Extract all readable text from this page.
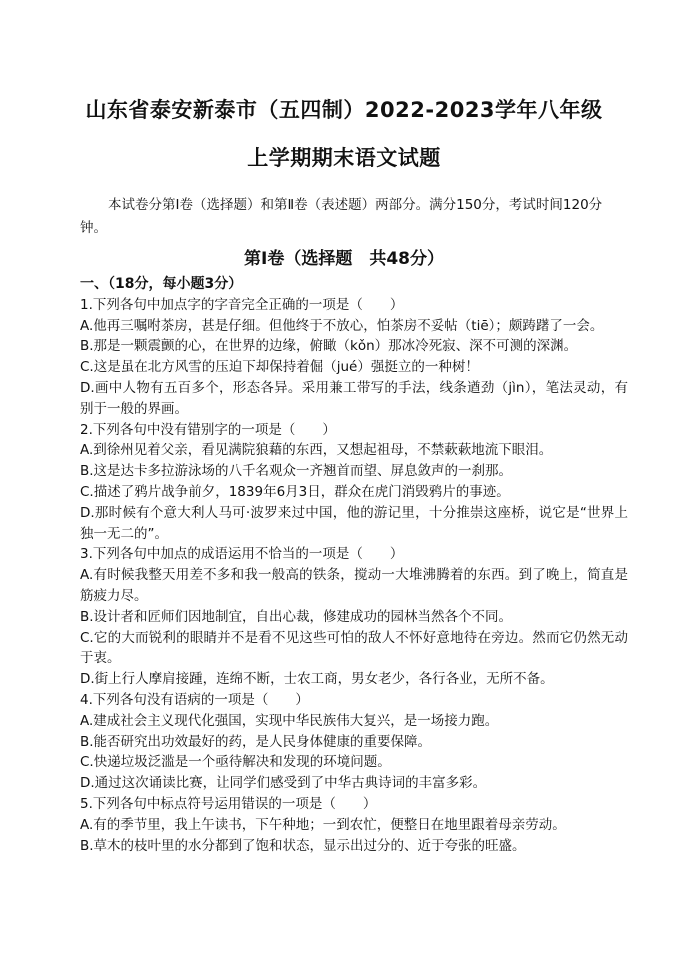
山东省泰安新泰市（五四制）2022-2023学年八年级
上学期期末语文试题
本试卷分第Ⅰ卷（选择题）和第Ⅱ卷（表述题）两部分。满分150分，考试时间120分钟。
第Ⅰ卷（选择题　共48分）
一、（18分，每小题3分）

1.下列各句中加点字的字音完全正确的一项是（　　）

A.他再三嘱咐茶房，甚是仔细。但他终于不放心，怕茶房不妥帖（tiē）；颇踌躇了一会。

B.那是一颗震颤的心，在世界的边缘，俯瞰（kǒn）那冰冷死寂、深不可测的深渊。

C.这是虽在北方风雪的压迫下却保持着倔（jué）强挺立的一种树！

D.画中人物有五百多个，形态各异。采用兼工带写的手法，线条遒劲（jìn），笔法灵动，有别于一般的界画。

2.下列各句中没有错别字的一项是（　　）

A.到徐州见着父亲，看见满院狼藉的东西，又想起祖母，不禁蔌蔌地流下眼泪。

B.这是达卡多拉游泳场的八千名观众一齐翘首而望、屏息敛声的一刹那。

C.描述了鸦片战争前夕，1839年6月3日，群众在虎门消毁鸦片的事迹。

D.那时候有个意大利人马可·波罗来过中国，他的游记里，十分推崇这座桥，说它是“世界上独一无二的”。

3.下列各句中加点的成语运用不恰当的一项是（　　）

A.有时候我整天用差不多和我一般高的铁条，搅动一大堆沸腾着的东西。到了晚上，简直是筋疲力尽。

B.设计者和匠师们因地制宜，自出心裁，修建成功的园林当然各个不同。

C.它的大而锐利的眼睛并不是看不见这些可怕的敌人不怀好意地待在旁边。然而它仍然无动于衷。

D.街上行人摩肩接踵，连绵不断，士农工商，男女老少，各行各业，无所不备。

4.下列各句没有语病的一项是（　　）

A.建成社会主义现代化强国，实现中华民族伟大复兴，是一场接力跑。

B.能否研究出功效最好的药，是人民身体健康的重要保障。

C.快递垃圾泛滥是一个亟待解决和发现的环境问题。

D.通过这次诵读比赛，让同学们感受到了中华古典诗词的丰富多彩。

5.下列各句中标点符号运用错误的一项是（　　）

A.有的季节里，我上午读书，下午种地；一到农忙，便整日在地里跟着母亲劳动。

B.草木的枝叶里的水分都到了饱和状态，显示出过分的、近于夸张的旺盛。
